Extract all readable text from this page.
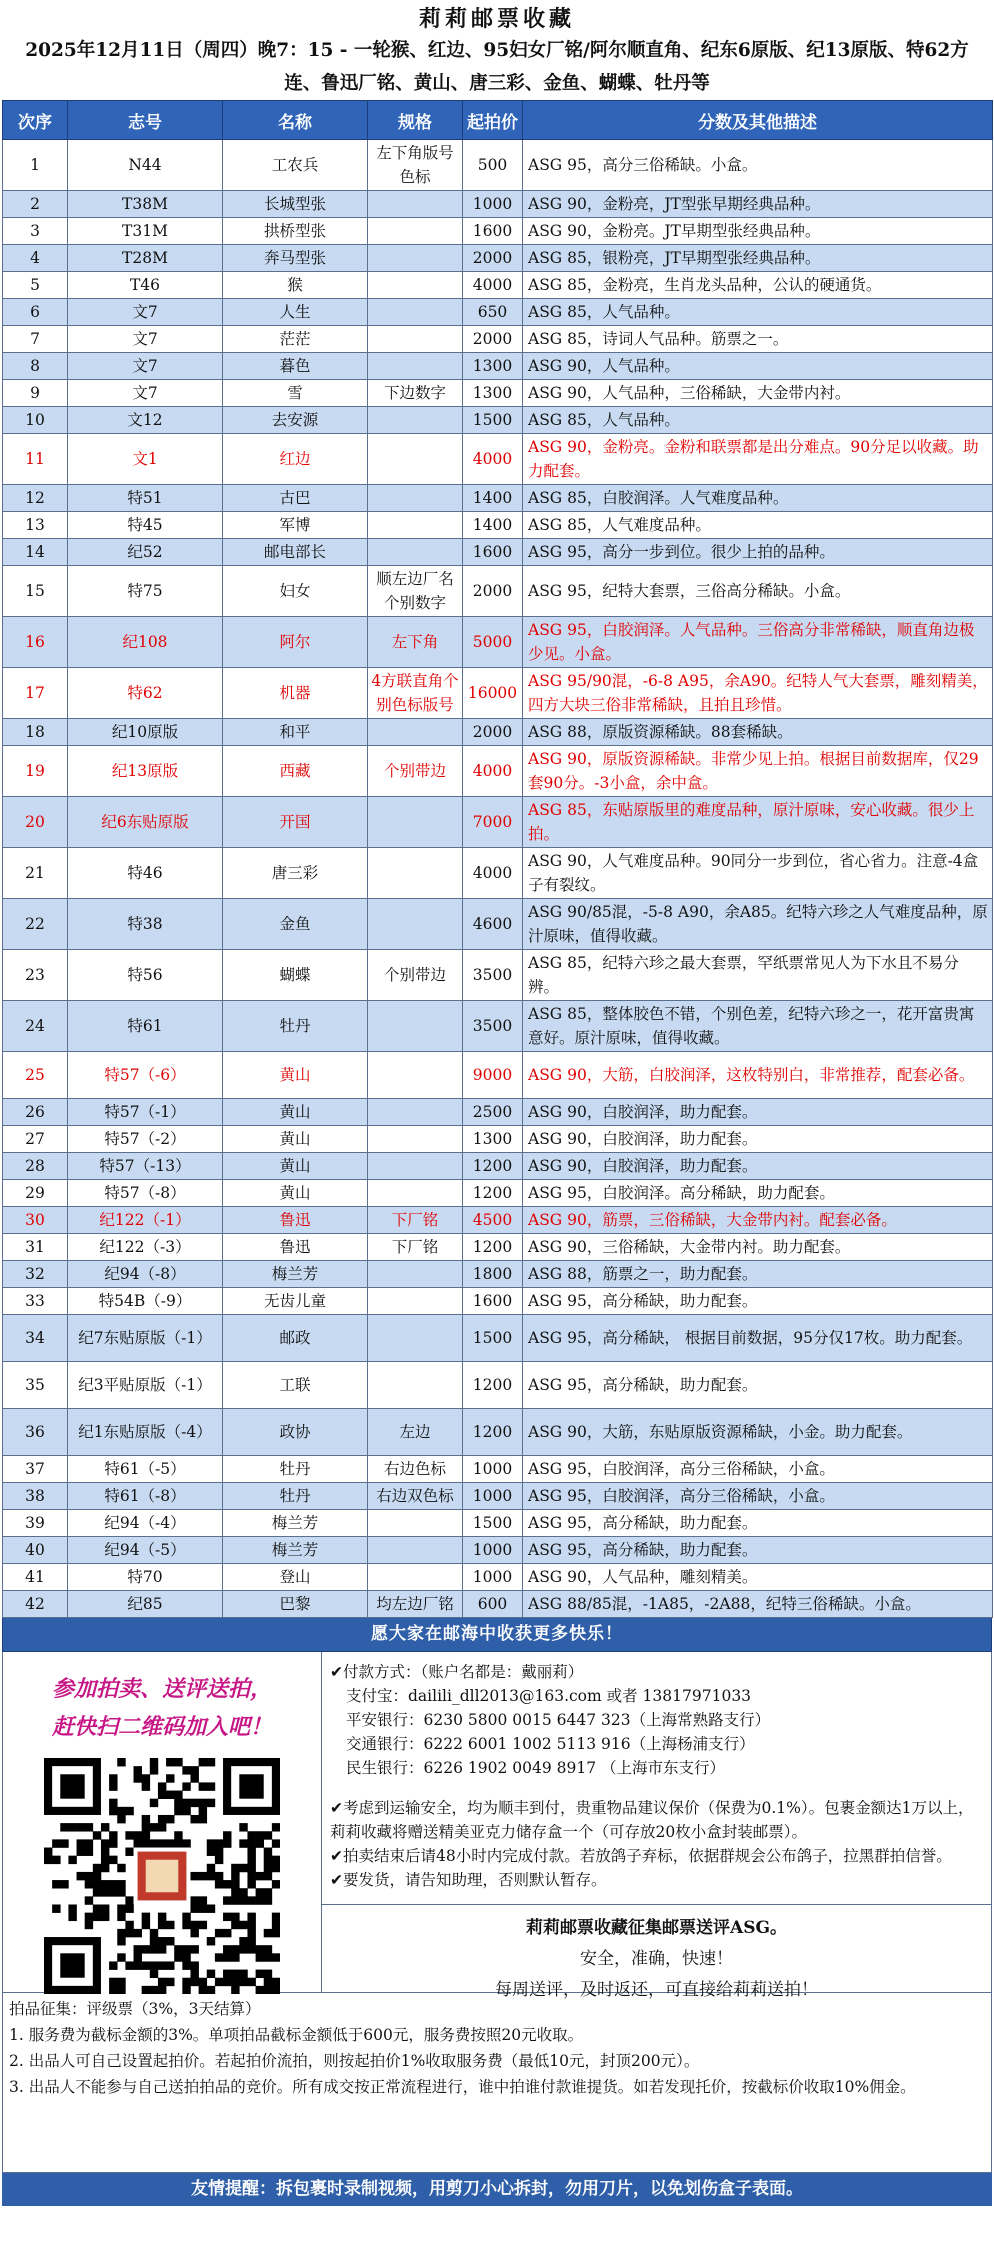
莉莉邮票收藏
2025年12月11日（周四）晚7：15 - 一轮猴、红边、95妇女厂铭/阿尔顺直角、纪东6原版、纪13原版、特62方连、鲁迅厂铭、黄山、唐三彩、金鱼、蝴蝶、牡丹等
次序	志号	名称	规格	起拍价	分数及其他描述
1	N44	工农兵	左下角版号色标	500	ASG 95，高分三俗稀缺。小盒。
2	T38M	长城型张		1000	ASG 90，金粉亮，JT型张早期经典品种。
3	T31M	拱桥型张		1600	ASG 90，金粉亮。JT早期型张经典品种。
4	T28M	奔马型张		2000	ASG 85，银粉亮，JT早期型张经典品种。
5	T46	猴		4000	ASG 85，金粉亮，生肖龙头品种，公认的硬通货。
6	文7	人生		650	ASG 85，人气品种。
7	文7	茫茫		2000	ASG 85，诗词人气品种。筋票之一。
8	文7	暮色		1300	ASG 90，人气品种。
9	文7	雪	下边数字	1300	ASG 90，人气品种，三俗稀缺，大金带内衬。
10	文12	去安源		1500	ASG 85，人气品种。
11	文1	红边		4000	ASG 90，金粉亮。金粉和联票都是出分难点。90分足以收藏。助力配套。
12	特51	古巴		1400	ASG 85，白胶润泽。人气难度品种。
13	特45	军博		1400	ASG 85，人气难度品种。
14	纪52	邮电部长		1600	ASG 95，高分一步到位。很少上拍的品种。
15	特75	妇女	顺左边厂名个别数字	2000	ASG 95，纪特大套票，三俗高分稀缺。小盒。
16	纪108	阿尔	左下角	5000	ASG 95，白胶润泽。人气品种。三俗高分非常稀缺，顺直角边极少见。小盒。
17	特62	机器	4方联直角个别色标版号	16000	ASG 95/90混，-6-8 A95，余A90。纪特人气大套票，雕刻精美，四方大块三俗非常稀缺，且拍且珍惜。
18	纪10原版	和平		2000	ASG 88，原版资源稀缺。88套稀缺。
19	纪13原版	西藏	个别带边	4000	ASG 90，原版资源稀缺。非常少见上拍。根据目前数据库，仅29套90分。-3小盒，余中盒。
20	纪6东贴原版	开国		7000	ASG 85，东贴原版里的难度品种，原汁原味，安心收藏。很少上拍。
21	特46	唐三彩		4000	ASG 90，人气难度品种。90同分一步到位，省心省力。注意-4盒子有裂纹。
22	特38	金鱼		4600	ASG 90/85混，-5-8 A90，余A85。纪特六珍之人气难度品种，原汁原味，值得收藏。
23	特56	蝴蝶	个别带边	3500	ASG 85，纪特六珍之最大套票，罕纸票常见人为下水且不易分辨。
24	特61	牡丹		3500	ASG 85，整体胶色不错，个别色差，纪特六珍之一，花开富贵寓意好。原汁原味，值得收藏。
25	特57（-6）	黄山		9000	ASG 90，大筋，白胶润泽，这枚特别白，非常推荐，配套必备。
26	特57（-1）	黄山		2500	ASG 90，白胶润泽，助力配套。
27	特57（-2）	黄山		1300	ASG 90，白胶润泽，助力配套。
28	特57（-13）	黄山		1200	ASG 90，白胶润泽，助力配套。
29	特57（-8）	黄山		1200	ASG 95，白胶润泽。高分稀缺，助力配套。
30	纪122（-1）	鲁迅	下厂铭	4500	ASG 90，筋票，三俗稀缺，大金带内衬。配套必备。
31	纪122（-3）	鲁迅	下厂铭	1200	ASG 90，三俗稀缺，大金带内衬。助力配套。
32	纪94（-8）	梅兰芳		1800	ASG 88，筋票之一，助力配套。
33	特54B（-9）	无齿儿童		1600	ASG 95，高分稀缺，助力配套。
34	纪7东贴原版（-1）	邮政		1500	ASG 95，高分稀缺， 根据目前数据，95分仅17枚。助力配套。
35	纪3平贴原版（-1）	工联		1200	ASG 95，高分稀缺，助力配套。
36	纪1东贴原版（-4）	政协	左边	1200	ASG 90，大筋，东贴原版资源稀缺，小金。助力配套。
37	特61（-5）	牡丹	右边色标	1000	ASG 95，白胶润泽，高分三俗稀缺，小盒。
38	特61（-8）	牡丹	右边双色标	1000	ASG 95，白胶润泽，高分三俗稀缺，小盒。
39	纪94（-4）	梅兰芳		1500	ASG 95，高分稀缺，助力配套。
40	纪94（-5）	梅兰芳		1000	ASG 95，高分稀缺，助力配套。
41	特70	登山		1000	ASG 90，人气品种，雕刻精美。
42	纪85	巴黎	均左边厂铭	600	ASG 88/85混，-1A85，-2A88，纪特三俗稀缺。小盒。
愿大家在邮海中收获更多快乐！
参加拍卖、送评送拍，
赶快扫二维码加入吧！

✔付款方式：（账户名都是：戴丽莉）

支付宝：dailili_dll2013@163.com 或者 13817971033

平安银行：6230 5800 0015 6447 323（上海常熟路支行）

交通银行：6222 6001 1002 5113 916（上海杨浦支行）

民生银行：6226 1902 0049 8917 （上海市东支行）

✔考虑到运输安全，均为顺丰到付，贵重物品建议保价（保费为0.1%）。包裹金额达1万以上，莉莉收藏将赠送精美亚克力储存盒一个（可存放20枚小盒封装邮票）。

✔拍卖结束后请48小时内完成付款。若放鸽子弃标，依据群规会公布鸽子，拉黑群拍信誉。

✔要发货，请告知助理，否则默认暂存。

莉莉邮票收藏征集邮票送评ASG。
安全，准确，快速！
每周送评，及时返还，可直接给莉莉送拍！

拍品征集：评级票（3%，3天结算）

1. 服务费为截标金额的3%。单项拍品截标金额低于600元，服务费按照20元收取。

2. 出品人可自己设置起拍价。若起拍价流拍，则按起拍价1%收取服务费（最低10元，封顶200元）。

3. 出品人不能参与自己送拍拍品的竞价。所有成交按正常流程进行，谁中拍谁付款谁提货。如若发现托价，按截标价收取10%佣金。

友情提醒：拆包裹时录制视频，用剪刀小心拆封，勿用刀片，以免划伤盒子表面。
